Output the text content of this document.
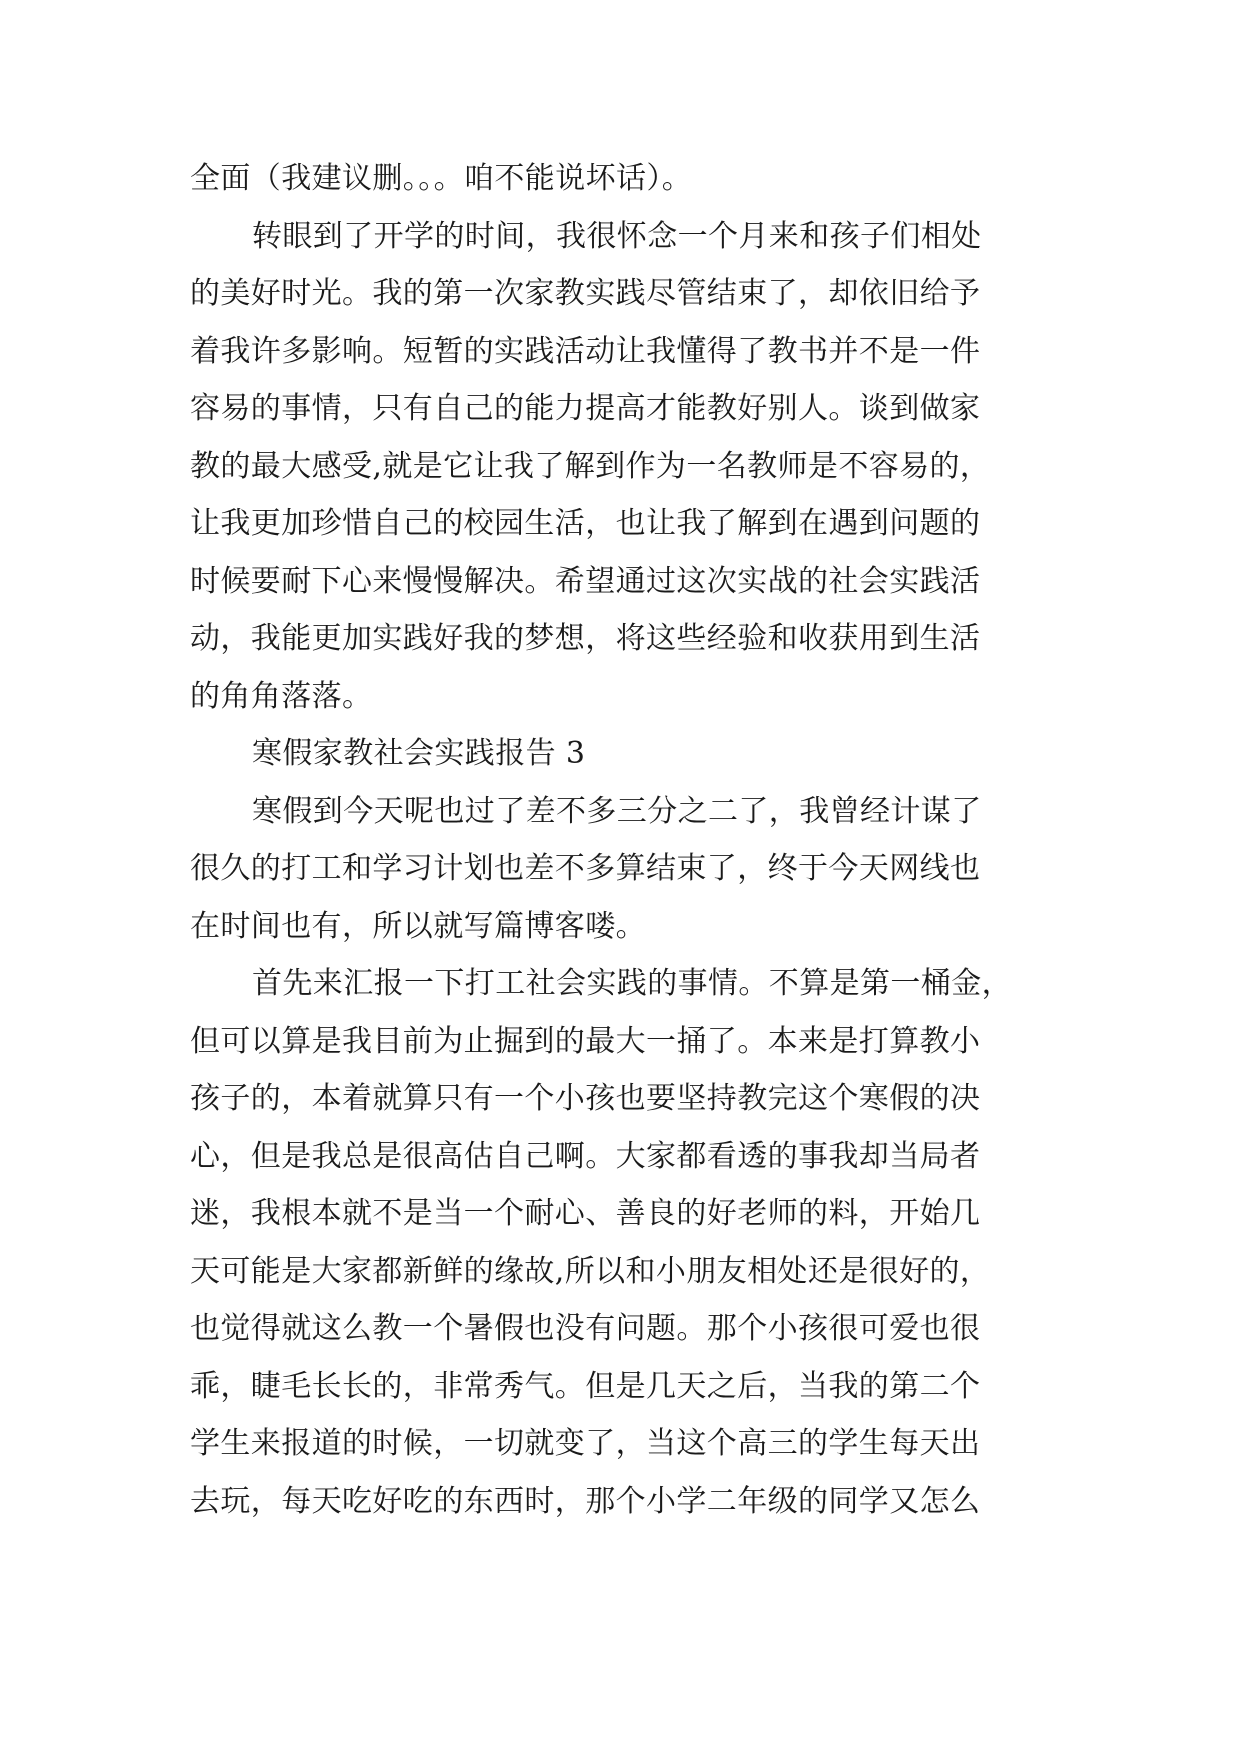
全面（我建议删。。。咱不能说坏话）。
转眼到了开学的时间，我很怀念一个月来和孩子们相处
的美好时光。我的第一次家教实践尽管结束了，却依旧给予
着我许多影响。短暂的实践活动让我懂得了教书并不是一件
容易的事情，只有自己的能力提高才能教好别人。谈到做家
教的最大感受,就是它让我了解到作为一名教师是不容易的，
让我更加珍惜自己的校园生活，也让我了解到在遇到问题的
时候要耐下心来慢慢解决。希望通过这次实战的社会实践活
动，我能更加实践好我的梦想，将这些经验和收获用到生活
的角角落落。
寒假家教社会实践报告 3
寒假到今天呢也过了差不多三分之二了，我曾经计谋了
很久的打工和学习计划也差不多算结束了，终于今天网线也
在时间也有，所以就写篇博客喽。
首先来汇报一下打工社会实践的事情。不算是第一桶金，
但可以算是我目前为止掘到的最大一捅了。本来是打算教小
孩子的，本着就算只有一个小孩也要坚持教完这个寒假的决
心，但是我总是很高估自己啊。大家都看透的事我却当局者
迷，我根本就不是当一个耐心、善良的好老师的料，开始几
天可能是大家都新鲜的缘故,所以和小朋友相处还是很好的，
也觉得就这么教一个暑假也没有问题。那个小孩很可爱也很
乖，睫毛长长的，非常秀气。但是几天之后，当我的第二个
学生来报道的时候，一切就变了，当这个高三的学生每天出
去玩，每天吃好吃的东西时，那个小学二年级的同学又怎么
